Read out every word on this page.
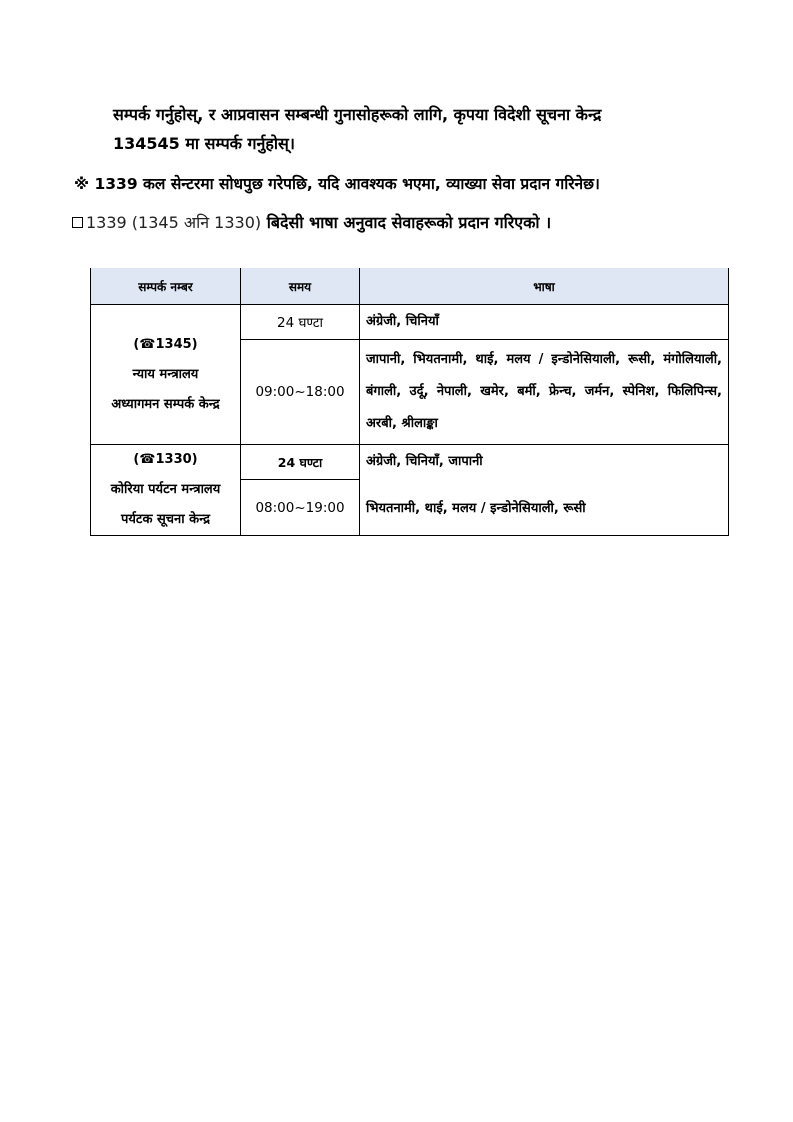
सम्पर्क गर्नुहोस्, र आप्रवासन सम्बन्धी गुनासोहरूको लागि, कृपया विदेशी सूचना केन्द्र
134545 मा सम्पर्क गर्नुहोस्।
※ 1339 कल सेन्टरमा सोधपुछ गरेपछि, यदि आवश्यक भएमा, व्याख्या सेवा प्रदान गरिनेछ।
1339 (1345 अनि 1330) बिदेसी भाषा अनुवाद सेवाहरूको प्रदान गरिएको ।
सम्पर्क नम्बर	समय	भाषा

(☎1345)
न्याय मन्त्रालय
अध्यागमन सम्पर्क केन्द्र	24 घण्टा	अंग्रेजी, चिनियाँ
	09:00~18:00	जापानी, भियतनामी, थाई, मलय / इन्डोनेसियाली, रूसी, मंगोलियाली, बंगाली, उर्दू, नेपाली, खमेर, बर्मी, फ्रेन्च, जर्मन, स्पेनिश, फिलिपिन्स, अरबी, श्रीलाङ्का

(☎1330)
कोरिया पर्यटन मन्त्रालय
पर्यटक सूचना केन्द्र	24 घण्टा	अंग्रेजी, चिनियाँ, जापानी
	08:00~19:00	भियतनामी, थाई, मलय / इन्डोनेसियाली, रूसी
